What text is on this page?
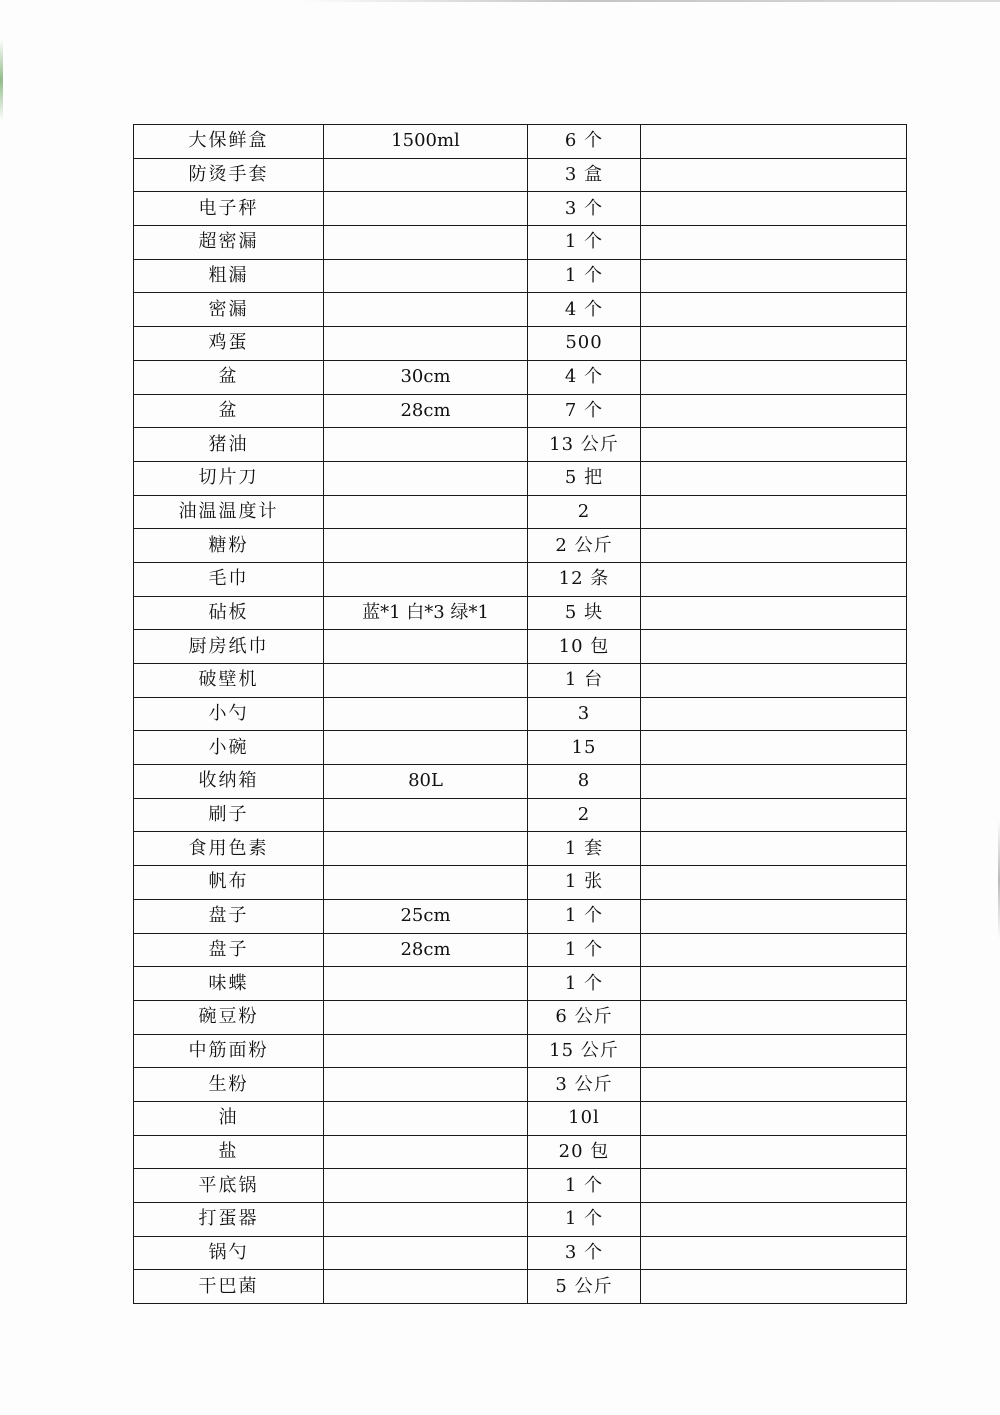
大保鲜盒	1500ml	6 个	
防烫手套		3 盒	
电子秤		3 个	
超密漏		1 个	
粗漏		1 个	
密漏		4 个	
鸡蛋		500	
盆	30cm	4 个	
盆	28cm	7 个	
猪油		13 公斤	
切片刀		5 把	
油温温度计		2	
糖粉		2 公斤	
毛巾		12 条	
砧板	蓝*1 白*3 绿*1	5 块	
厨房纸巾		10 包	
破壁机		1 台	
小勺		3	
小碗		15	
收纳箱	80L	8	
刷子		2	
食用色素		1 套	
帆布		1 张	
盘子	25cm	1 个	
盘子	28cm	1 个	
味蝶		1 个	
碗豆粉		6 公斤	
中筋面粉		15 公斤	
生粉		3 公斤	
油		10l	
盐		20 包	
平底锅		1 个	
打蛋器		1 个	
锅勺		3 个	
干巴菌		5 公斤	
